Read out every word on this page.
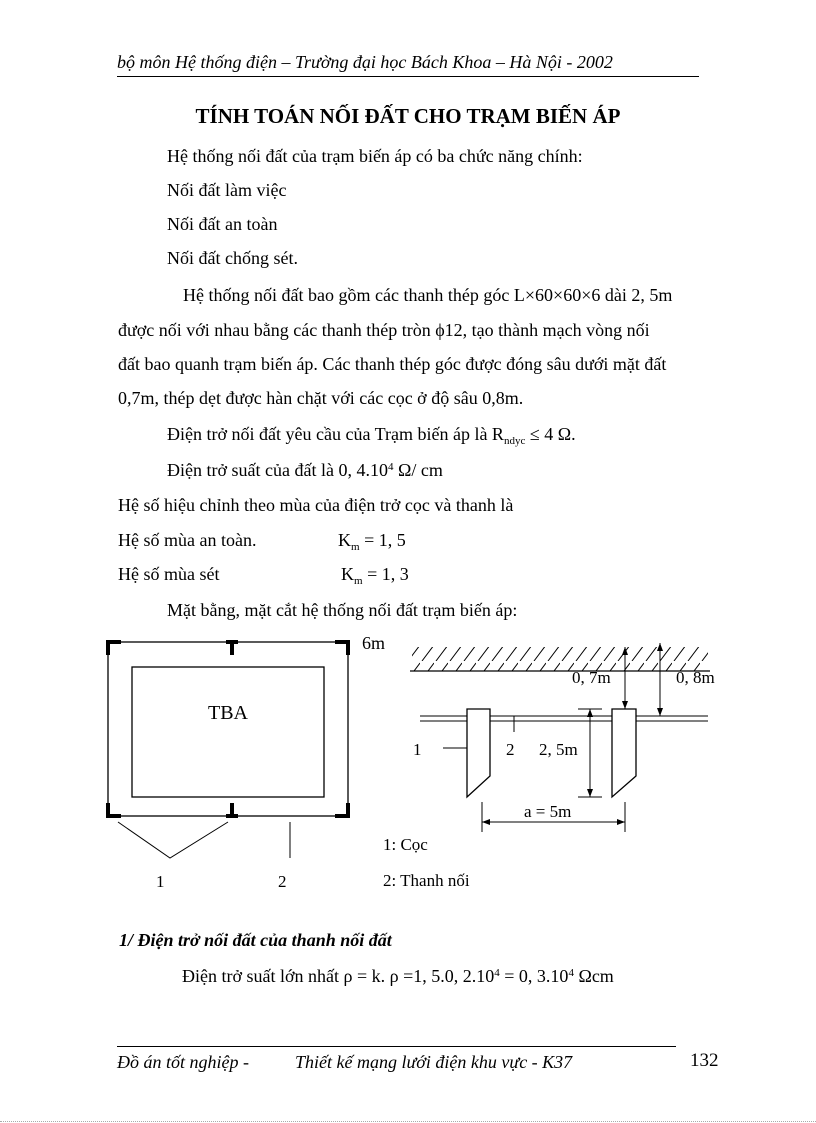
bộ môn Hệ thống điện – Trường đại học Bách Khoa – Hà Nội - 2002
TÍNH TOÁN NỐI ĐẤT CHO TRẠM BIẾN ÁP
Hệ thống nối đất của trạm biến áp có ba chức năng chính:
Nối đất làm việc
Nối đất an toàn
Nối đất chống sét.
Hệ thống nối đất bao gồm các thanh thép góc L×60×60×6 dài 2, 5m
được nối với nhau bằng các thanh thép tròn ϕ12, tạo thành mạch vòng nối
đất bao quanh trạm biến áp. Các thanh thép góc được đóng sâu dưới mặt đất
0,7m, thép dẹt được hàn chặt với các cọc ở độ sâu 0,8m.
Điện trở nối đất yêu cầu của Trạm biến áp là $R_{ndyc} \le 4$ Ω.
Điện trở suất của đất là 0, 4.10$^4$ Ω/ cm
Hệ số hiệu chỉnh theo mùa của điện trở cọc và thanh là
Hệ số mùa an toàn.	$K_m = 1$, 5
Hệ số mùa sét	$K_m = 1$, 3
Mặt bằng, mặt cắt hệ thống nối đất trạm biến áp:
TBA
6m
1	2
0, 7m	0, 8m
1	2 2, 5m
a = 5m
1: Cọc
2: Thanh nối
1/ Điện trở nối đất của thanh nối đất
Điện trở suất lớn nhất ρ = k. ρ =1, 5.0, $2.10^4 = 0$, 3.10$^4$ Ωcm
Đồ án tốt nghiệp -	Thiết kế mạng lưới điện khu vực - K37	132
